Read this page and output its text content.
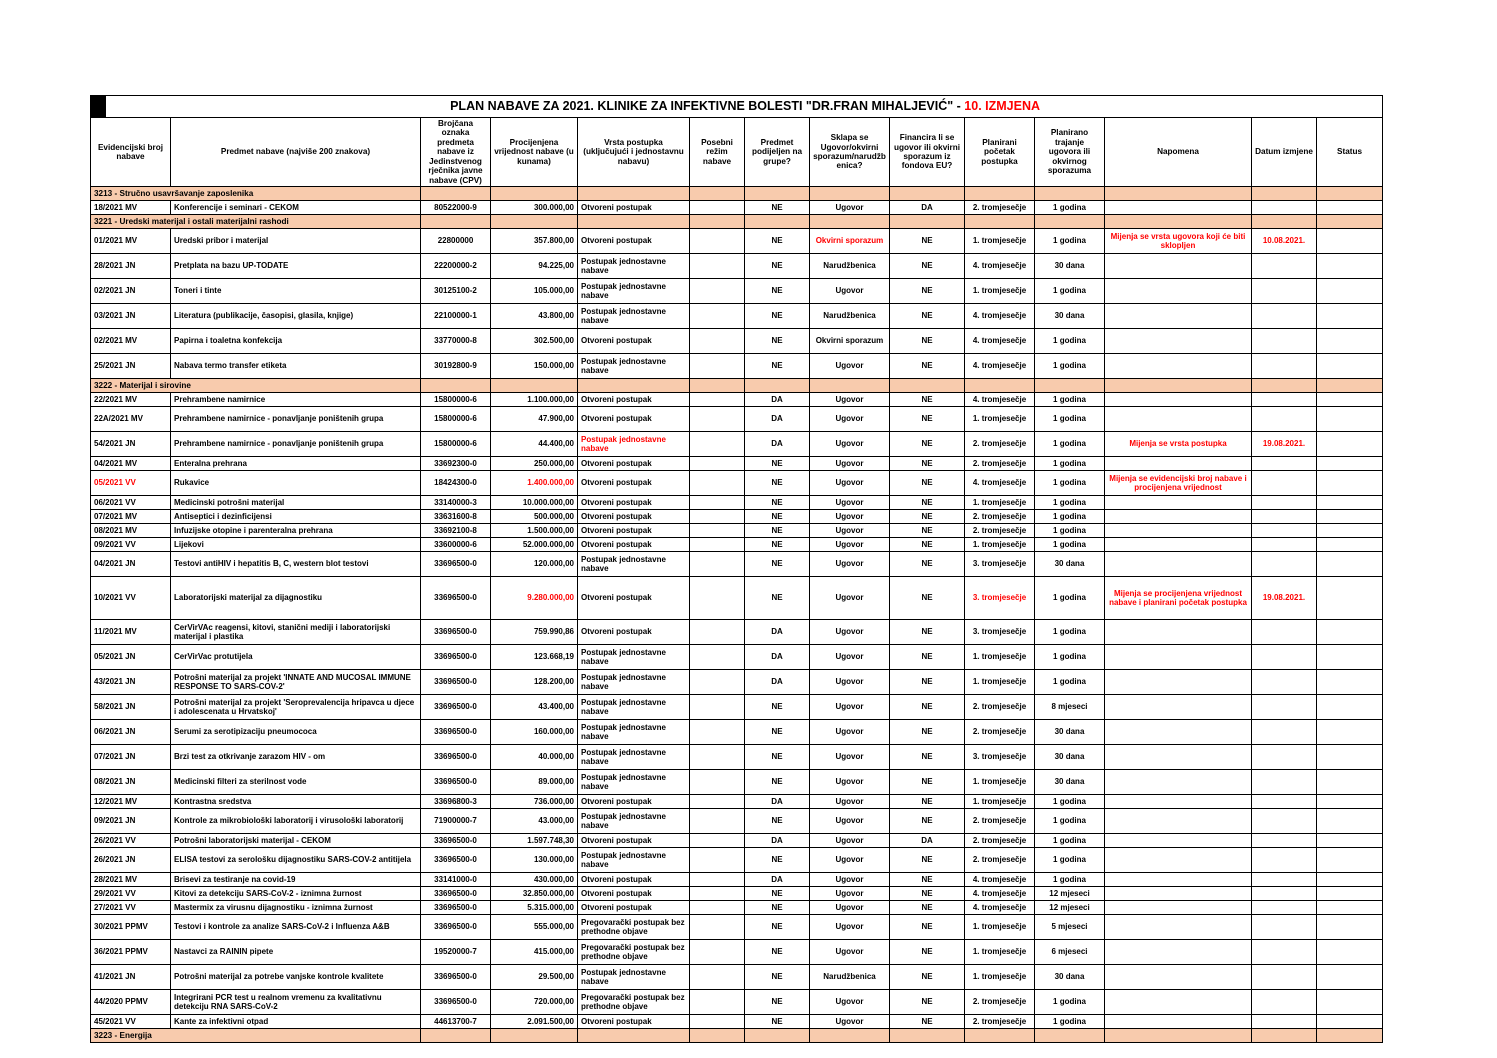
PLAN NABAVE ZA 2021. KLINIKE ZA INFEKTIVNE BOLESTI "DR.FRAN MIHALJEVIĆ" - 10. IZMJENA													
Evidencijski broj nabave	Predmet nabave (najviše 200 znakova)	Brojčana oznaka predmeta nabave iz Jedinstvenog rječnika javne nabave (CPV)	Procijenjena vrijednost nabave (u kunama)	Vrsta postupka (uključujući i jednostavnu nabavu)	Posebni režim nabave	Predmet podijeljen na grupe?	Sklapa se Ugovor/okvirni sporazum/narudžbenica?	Financira li se ugovor ili okvirni sporazum iz fondova EU?	Planirani početak postupka	Planirano trajanje ugovora ili okvirnog sporazuma	Napomena	Datum izmjene	Status
3213 - Stručno usavršavanje zaposlenika													
18/2021 MV	Konferencije i seminari - CEKOM	80522000-9	300.000,00	Otvoreni postupak		NE	Ugovor	DA	2. tromjesečje	1 godina			
3221 - Uredski materijal i ostali materijalni rashodi													
01/2021 MV	Uredski pribor i materijal	22800000	357.800,00	Otvoreni postupak		NE	Okvirni sporazum	NE	1. tromjesečje	1 godina	Mijenja se vrsta ugovora koji će biti sklopljen	10.08.2021.	
28/2021 JN	Pretplata na bazu UP-TODATE	22200000-2	94.225,00	Postupak jednostavne nabave		NE	Narudžbenica	NE	4. tromjesečje	30 dana			
02/2021 JN	Toneri i tinte	30125100-2	105.000,00	Postupak jednostavne nabave		NE	Ugovor	NE	1. tromjesečje	1 godina			
03/2021 JN	Literatura (publikacije, časopisi, glasila, knjige)	22100000-1	43.800,00	Postupak jednostavne nabave		NE	Narudžbenica	NE	4. tromjesečje	30 dana			
02/2021 MV	Papirna i toaletna konfekcija	33770000-8	302.500,00	Otvoreni postupak		NE	Okvirni sporazum	NE	4. tromjesečje	1 godina			
25/2021 JN	Nabava termo transfer etiketa	30192800-9	150.000,00	Postupak jednostavne nabave		NE	Ugovor	NE	4. tromjesečje	1 godina			
3222 - Materijal i sirovine													
22/2021 MV	Prehrambene namirnice	15800000-6	1.100.000,00	Otvoreni postupak		DA	Ugovor	NE	4. tromjesečje	1 godina			
22A/2021 MV	Prehrambene namirnice - ponavljanje poništenih grupa	15800000-6	47.900,00	Otvoreni postupak		DA	Ugovor	NE	1. tromjesečje	1 godina			
54/2021 JN	Prehrambene namirnice - ponavljanje poništenih grupa	15800000-6	44.400,00	Postupak jednostavne nabave		DA	Ugovor	NE	2. tromjesečje	1 godina	Mijenja se vrsta postupka	19.08.2021.	
04/2021 MV	Enteralna prehrana	33692300-0	250.000,00	Otvoreni postupak		NE	Ugovor	NE	2. tromjesečje	1 godina			
05/2021 VV	Rukavice	18424300-0	1.400.000,00	Otvoreni postupak		NE	Ugovor	NE	4. tromjesečje	1 godina	Mijenja se evidencijski broj nabave i procijenjena vrijednost		
06/2021 VV	Medicinski potrošni materijal	33140000-3	10.000.000,00	Otvoreni postupak		NE	Ugovor	NE	1. tromjesečje	1 godina			
07/2021 MV	Antiseptici i dezinficijensi	33631600-8	500.000,00	Otvoreni postupak		NE	Ugovor	NE	2. tromjesečje	1 godina			
08/2021 MV	Infuzijske otopine i parenteralna prehrana	33692100-8	1.500.000,00	Otvoreni postupak		NE	Ugovor	NE	2. tromjesečje	1 godina			
09/2021 VV	Lijekovi	33600000-6	52.000.000,00	Otvoreni postupak		NE	Ugovor	NE	1. tromjesečje	1 godina			
04/2021 JN	Testovi antiHIV i hepatitis B, C, western blot testovi	33696500-0	120.000,00	Postupak jednostavne nabave		NE	Ugovor	NE	3. tromjesečje	30 dana			
10/2021 VV	Laboratorijski materijal za dijagnostiku	33696500-0	9.280.000,00	Otvoreni postupak		NE	Ugovor	NE	3. tromjesečje	1 godina	Mijenja se procijenjena vrijednost nabave i planirani početak postupka	19.08.2021.	
11/2021 MV	CerVirVAc reagensi, kitovi, stanični mediji i laboratorijski materijal i plastika	33696500-0	759.990,86	Otvoreni postupak		DA	Ugovor	NE	3. tromjesečje	1 godina			
05/2021 JN	CerVirVac protutijela	33696500-0	123.668,19	Postupak jednostavne nabave		DA	Ugovor	NE	1. tromjesečje	1 godina			
43/2021 JN	Potrošni materijal za projekt 'INNATE AND MUCOSAL IMMUNE RESPONSE TO SARS-COV-2'	33696500-0	128.200,00	Postupak jednostavne nabave		DA	Ugovor	NE	1. tromjesečje	1 godina			
58/2021 JN	Potrošni materijal za projekt 'Seroprevalencija hripavca u djece i adolescenata u Hrvatskoj'	33696500-0	43.400,00	Postupak jednostavne nabave		NE	Ugovor	NE	2. tromjesečje	8 mjeseci			
06/2021 JN	Serumi za serotipizaciju pneumococa	33696500-0	160.000,00	Postupak jednostavne nabave		NE	Ugovor	NE	2. tromjesečje	30 dana			
07/2021 JN	Brzi test za otkrivanje zarazom HIV - om	33696500-0	40.000,00	Postupak jednostavne nabave		NE	Ugovor	NE	3. tromjesečje	30 dana			
08/2021 JN	Medicinski filteri za sterilnost vode	33696500-0	89.000,00	Postupak jednostavne nabave		NE	Ugovor	NE	1. tromjesečje	30 dana			
12/2021 MV	Kontrastna sredstva	33696800-3	736.000,00	Otvoreni postupak		DA	Ugovor	NE	1. tromjesečje	1 godina			
09/2021 JN	Kontrole za mikrobiološki laboratorij i virusološki laboratorij	71900000-7	43.000,00	Postupak jednostavne nabave		NE	Ugovor	NE	2. tromjesečje	1 godina			
26/2021 VV	Potrošni laboratorijski materijal - CEKOM	33696500-0	1.597.748,30	Otvoreni postupak		DA	Ugovor	DA	2. tromjesečje	1 godina			
26/2021 JN	ELISA testovi za serološku dijagnostiku SARS-COV-2 antitijela	33696500-0	130.000,00	Postupak jednostavne nabave		NE	Ugovor	NE	2. tromjesečje	1 godina			
28/2021 MV	Brisevi za testiranje na covid-19	33141000-0	430.000,00	Otvoreni postupak		DA	Ugovor	NE	4. tromjesečje	1 godina			
29/2021 VV	Kitovi za detekciju SARS-CoV-2 - iznimna žurnost	33696500-0	32.850.000,00	Otvoreni postupak		NE	Ugovor	NE	4. tromjesečje	12 mjeseci			
27/2021 VV	Mastermix za virusnu dijagnostiku - iznimna žurnost	33696500-0	5.315.000,00	Otvoreni postupak		NE	Ugovor	NE	4. tromjesečje	12 mjeseci			
30/2021 PPMV	Testovi i kontrole za analize SARS-CoV-2 i Influenza A&B	33696500-0	555.000,00	Pregovarački postupak bez prethodne objave		NE	Ugovor	NE	1. tromjesečje	5 mjeseci			
36/2021 PPMV	Nastavci za RAININ pipete	19520000-7	415.000,00	Pregovarački postupak bez prethodne objave		NE	Ugovor	NE	1. tromjesečje	6 mjeseci			
41/2021 JN	Potrošni materijal za potrebe vanjske kontrole kvalitete	33696500-0	29.500,00	Postupak jednostavne nabave		NE	Narudžbenica	NE	1. tromjesečje	30 dana			
44/2020 PPMV	Integrirani PCR test u realnom vremenu za kvalitativnu detekciju RNA SARS-CoV-2	33696500-0	720.000,00	Pregovarački postupak bez prethodne objave		NE	Ugovor	NE	2. tromjesečje	1 godina			
45/2021 VV	Kante za infektivni otpad	44613700-7	2.091.500,00	Otvoreni postupak		NE	Ugovor	NE	2. tromjesečje	1 godina			
3223 - Energija													
